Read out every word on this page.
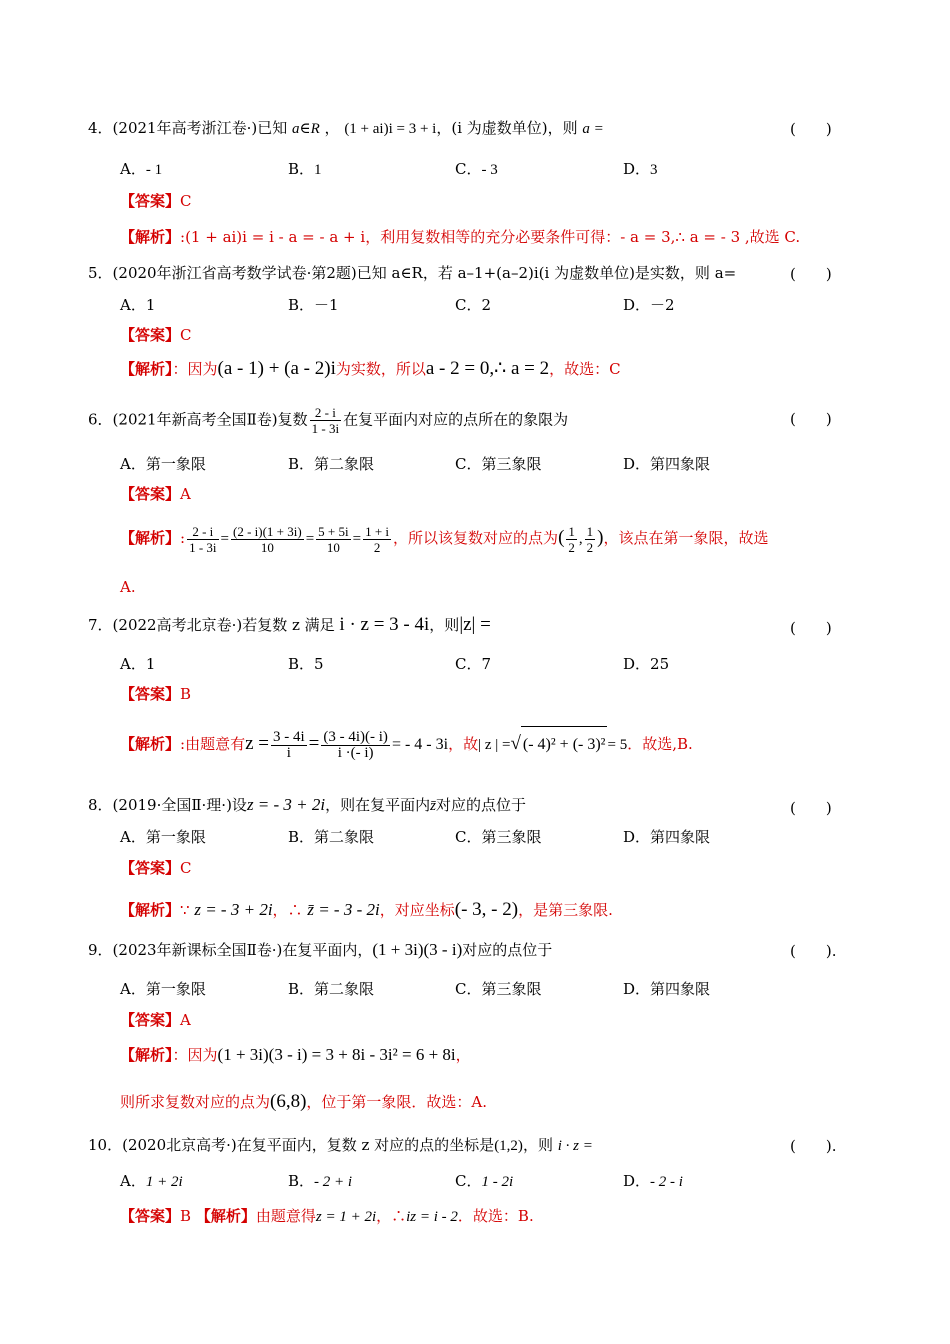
4．(2021年高考浙江卷·)已知 a∈R ， (1 + ai)i = 3 + i，(i 为虚数单位)，则 a =	(　　)
A．- 1	B．1	C．- 3	D．3
【答案】C
【解析】:(1 + ai)i = i - a = - a + i，利用复数相等的充分必要条件可得：- a = 3,∴ a = - 3 ,故选 C.
5．(2020年浙江省高考数学试卷·第2题)已知 a∈R，若 a–1+(a–2)i(i 为虚数单位)是实数，则 a=	(　　)
A．1	B．－1	C．2	D．－2
【答案】C
【解析】：因为(a - 1) + (a - 2)i为实数，所以a - 2 = 0,∴ a = 2，故选：C
6．(2021年新高考全国Ⅱ卷)复数 $\frac{2 - i}{1 - 3i}$ 在复平面内对应的点所在的象限为	(　　)
A．第一象限	B．第二象限	C．第三象限	D．第四象限
【答案】A
【解析】: $\frac{2 - i}{1 - 3i} = \frac{(2 - i)(1 + 3i)}{10} = \frac{5 + 5i}{10} = \frac{1 + i}{2}$ ，所以该复数对应的点为( $\frac{1}{2}$ , $\frac{1}{2}$ )，该点在第一象限，故选
A.
7．(2022高考北京卷·)若复数 z 满足 i · z = 3 - 4i，则|z| =	(　　)
A．1	B．5	C．7	D．25
【答案】B
【解析】:由题意有$z = \frac{3 - 4i}{i} = \frac{(3 - 4i)(- i)}{i \cdot(- i)}$ = - 4 - 3i，故| z | =√ (- 4)² + (- 3)² = 5．故选,B.
8．(2019·全国Ⅱ·理·)设z = - 3 + 2i，则在复平面内z̄对应的点位于	(　　)
A．第一象限	B．第二象限	C．第三象限	D．第四象限
【答案】C
【解析】∵ z = - 3 + 2i，∴ z̄ = - 3 - 2i，对应坐标(- 3, - 2)，是第三象限.
9．(2023年新课标全国Ⅱ卷·)在复平面内，(1 + 3i)(3 - i)对应的点位于	(　　).
A．第一象限	B．第二象限	C．第三象限	D．第四象限
【答案】A
【解析】：因为(1 + 3i)(3 - i) = 3 + 8i - 3i² = 6 + 8i，
则所求复数对应的点为(6,8)，位于第一象限．故选：A.
10．(2020北京高考·)在复平面内，复数 z 对应的点的坐标是(1,2)，则 i · z =	(　　).
A．1 + 2i	B．- 2 + i	C．1 - 2i	D．- 2 - i
【答案】B 【解析】由题意得z = 1 + 2i，∴iz = i - 2．故选：B.
